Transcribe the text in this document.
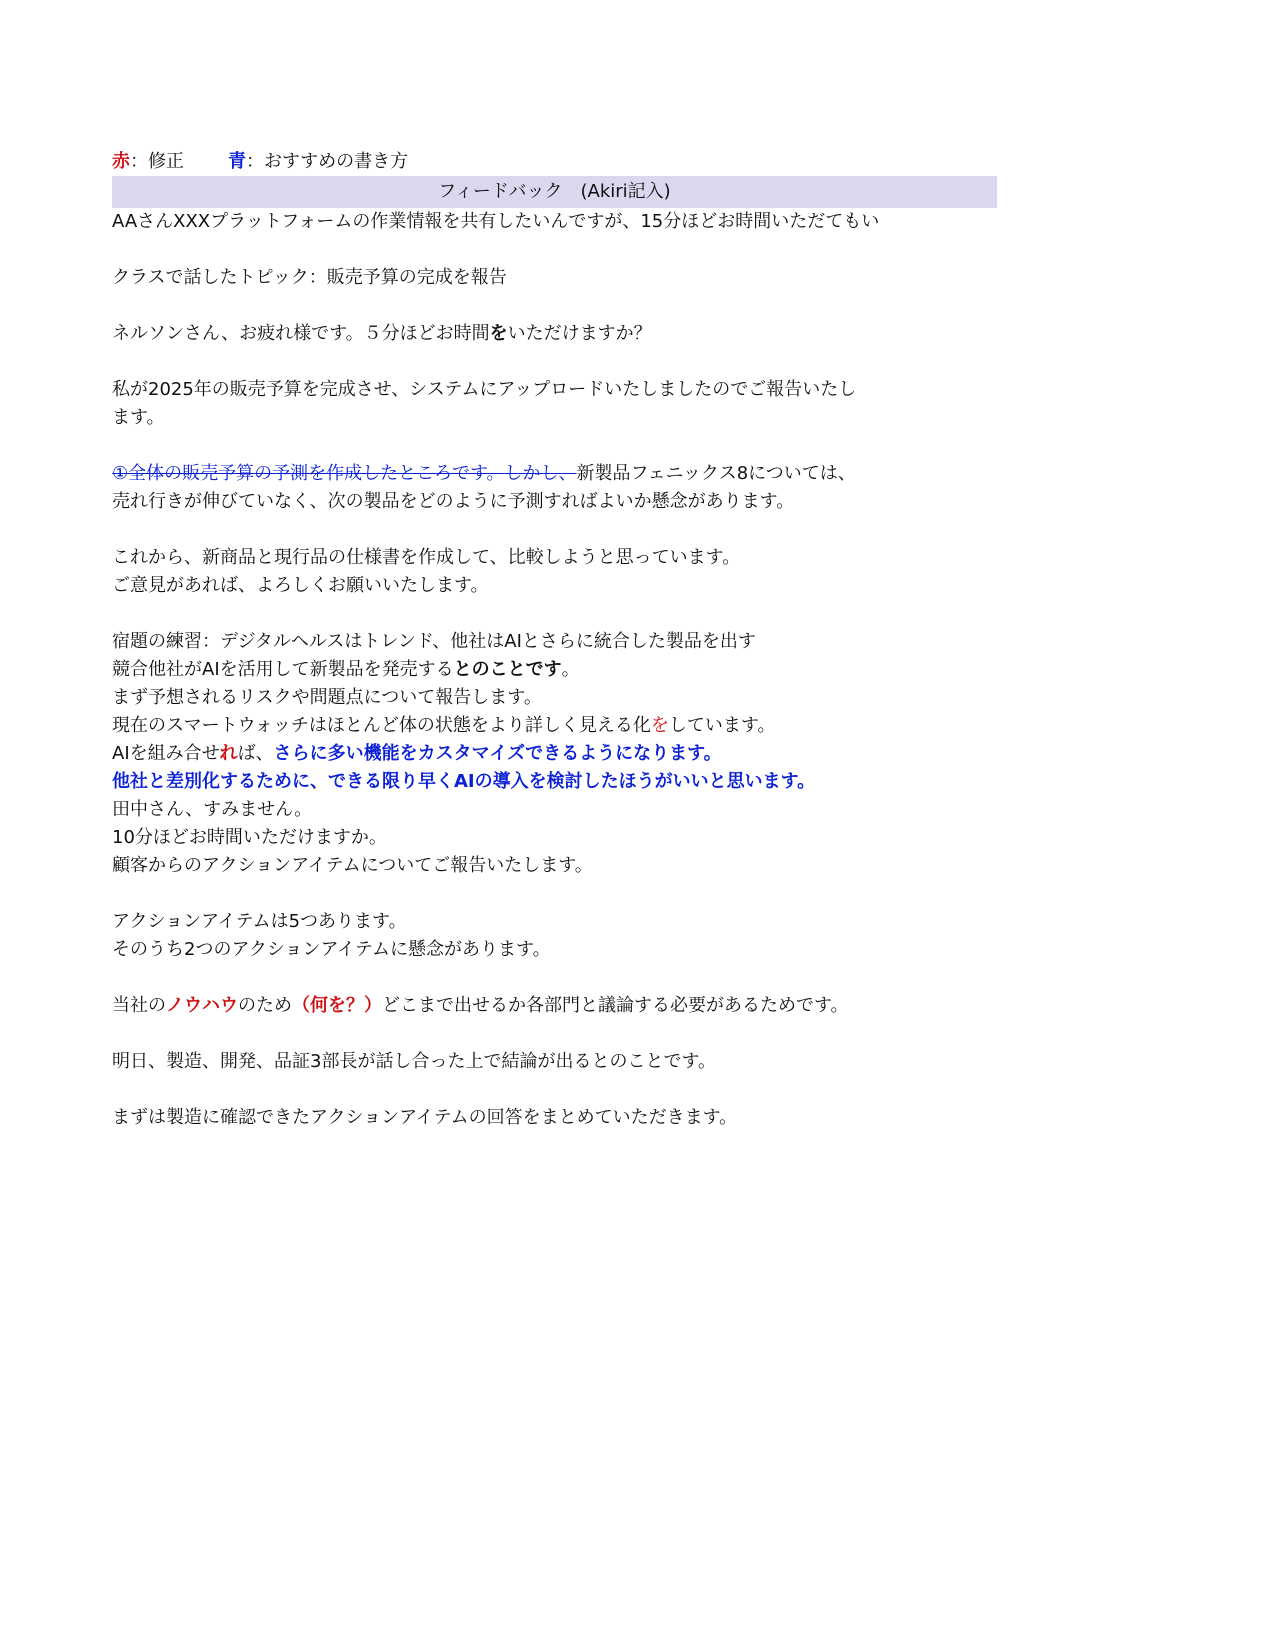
赤：修正 青：おすすめの書き方
フィードバック　(Akiri記入)
AAさんXXXプラットフォームの作業情報を共有したいんですが、15分ほどお時間いただてもい
クラスで話したトピック：販売予算の完成を報告
ネルソンさん、お疲れ様です。５分ほどお時間をいただけますか？
私が2025年の販売予算を完成させ、システムにアップロードいたしましたのでご報告いたし
ます。
①全体の販売予算の予測を作成したところです。しかし、新製品フェニックス8については、
売れ行きが伸びていなく、次の製品をどのように予測すればよいか懸念があります。
これから、新商品と現行品の仕様書を作成して、比較しようと思っています。
ご意見があれば、よろしくお願いいたします。
宿題の練習：デジタルヘルスはトレンド、他社はAIとさらに統合した製品を出す
競合他社がAIを活用して新製品を発売するとのことです。
まず予想されるリスクや問題点について報告します。
現在のスマートウォッチはほとんど体の状態をより詳しく見える化をしています。
AIを組み合せれば、さらに多い機能をカスタマイズできるようになります。
他社と差別化するために、できる限り早くAIの導入を検討したほうがいいと思います。
田中さん、すみません。
10分ほどお時間いただけますか。
顧客からのアクションアイテムについてご報告いたします。
アクションアイテムは5つあります。
そのうち2つのアクションアイテムに懸念があります。
当社のノウハウのため（何を？）どこまで出せるか各部門と議論する必要があるためです。
明日、製造、開発、品証3部長が話し合った上で結論が出るとのことです。
まずは製造に確認できたアクションアイテムの回答をまとめていただきます。
